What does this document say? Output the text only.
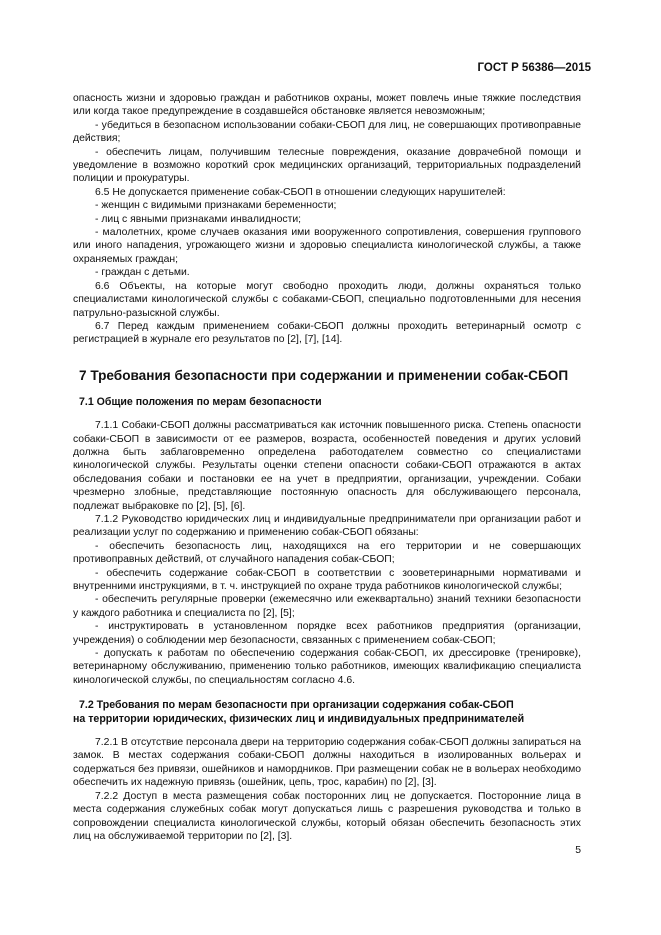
ГОСТ Р 56386—2015

опасность жизни и здоровью граждан и работников охраны, может повлечь иные тяжкие последствия или когда такое предупреждение в создавшейся обстановке является невозможным;

- убедиться в безопасном использовании собаки-СБОП для лиц, не совершающих противоправные действия;

- обеспечить лицам, получившим телесные повреждения, оказание доврачебной помощи и уведомление в возможно короткий срок медицинских организаций, территориальных подразделений полиции и прокуратуры.

6.5 Не допускается применение собак-СБОП в отношении следующих нарушителей:

- женщин с видимыми признаками беременности;

- лиц с явными признаками инвалидности;

- малолетних, кроме случаев оказания ими вооруженного сопротивления, совершения группового или иного нападения, угрожающего жизни и здоровью специалиста кинологической службы, а также охраняемых граждан;

- граждан с детьми.

6.6 Объекты, на которые могут свободно проходить люди, должны охраняться только специалистами кинологической службы с собаками-СБОП, специально подготовленными для несения патрульно-разыскной службы.

6.7 Перед каждым применением собаки-СБОП должны проходить ветеринарный осмотр с регистрацией в журнале его результатов по [2], [7], [14].

7 Требования безопасности при содержании и применении собак-СБОП
7.1 Общие положения по мерам безопасности

7.1.1 Собаки-СБОП должны рассматриваться как источник повышенного риска. Степень опасности собаки-СБОП в зависимости от ее размеров, возраста, особенностей поведения и других условий должна быть заблаговременно определена работодателем совместно со специалистами кинологической службы. Результаты оценки степени опасности собаки-СБОП отражаются в актах обследования собаки и постановки ее на учет в предприятии, организации, учреждении. Собаки чрезмерно злобные, представляющие постоянную опасность для обслуживающего персонала, подлежат выбраковке по [2], [5], [6].

7.1.2 Руководство юридических лиц и индивидуальные предприниматели при организации работ и реализации услуг по содержанию и применению собак-СБОП обязаны:

- обеспечить безопасность лиц, находящихся на его территории и не совершающих противоправных действий, от случайного нападения собак-СБОП;

- обеспечить содержание собак-СБОП в соответствии с зооветеринарными нормативами и внутренними инструкциями, в т. ч. инструкцией по охране труда работников кинологической службы;

- обеспечить регулярные проверки (ежемесячно или ежеквартально) знаний техники безопасности у каждого работника и специалиста по [2], [5];

- инструктировать в установленном порядке всех работников предприятия (организации, учреждения) о соблюдении мер безопасности, связанных с применением собак-СБОП;

- допускать к работам по обеспечению содержания собак-СБОП, их дрессировке (тренировке), ветеринарному обслуживанию, применению только работников, имеющих квалификацию специалиста кинологической службы, по специальностям согласно 4.6.

7.2 Требования по мерам безопасности при организации содержания собак-СБОП
на территории юридических, физических лиц и индивидуальных предпринимателей

7.2.1 В отсутствие персонала двери на территорию содержания собак-СБОП должны запираться на замок. В местах содержания собаки-СБОП должны находиться в изолированных вольерах и содержаться без привязи, ошейников и намордников. При размещении собак не в вольерах необходимо обеспечить их надежную привязь (ошейник, цепь, трос, карабин) по [2], [3].

7.2.2 Доступ в места размещения собак посторонних лиц не допускается. Посторонние лица в места содержания служебных собак могут допускаться лишь с разрешения руководства и только в сопровождении специалиста кинологической службы, который обязан обеспечить безопасность этих лиц на обслуживаемой территории по [2], [3].

5
